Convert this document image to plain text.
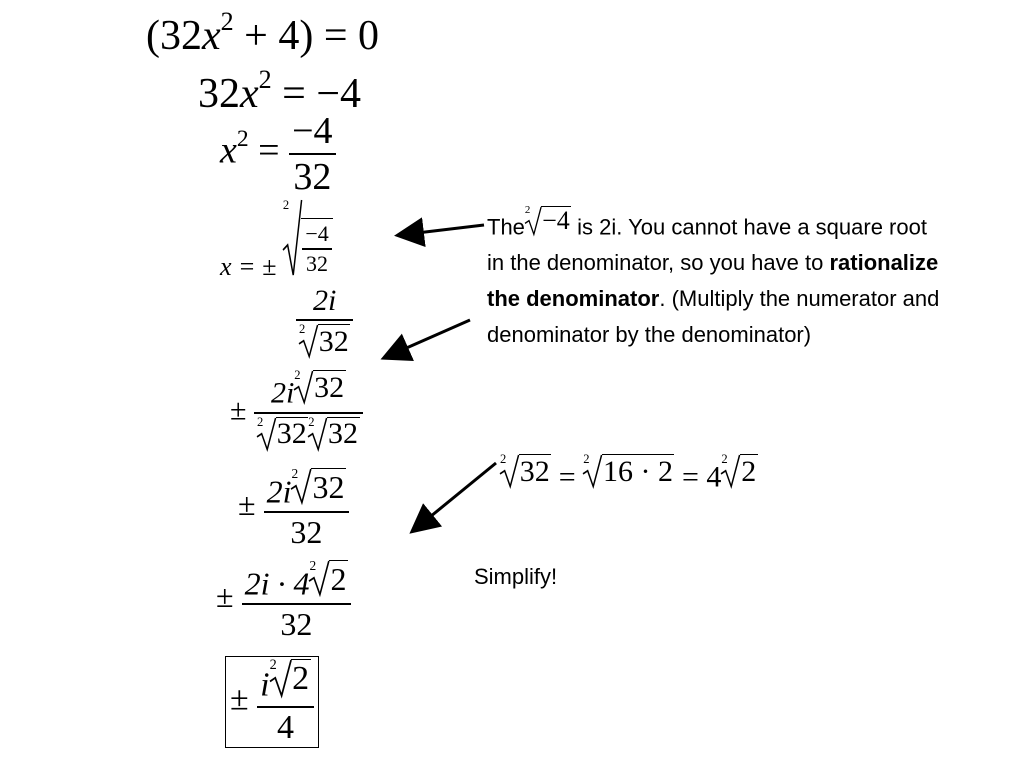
$(32x^2 + 4) = 0$
$32x^2 = -4$
$x^2 = \frac{-4}{32}$
x = ±
2
$\frac{-4}{32}$
$\frac{2i}{2 32}$
± 2i
2 32
2 32 2 32
± $\frac{2i 2 32}{32}$
± $\frac{2i \cdot 4 2 2}{32}$
± i
2 2
4
The
2 −4 is 2i. You cannot have a square root in the denominator, so you have to rationalize the denominator. (Multiply the numerator and denominator by the denominator)
2 32 =
2 16 · 2 = 4
2 2
Simplify!
